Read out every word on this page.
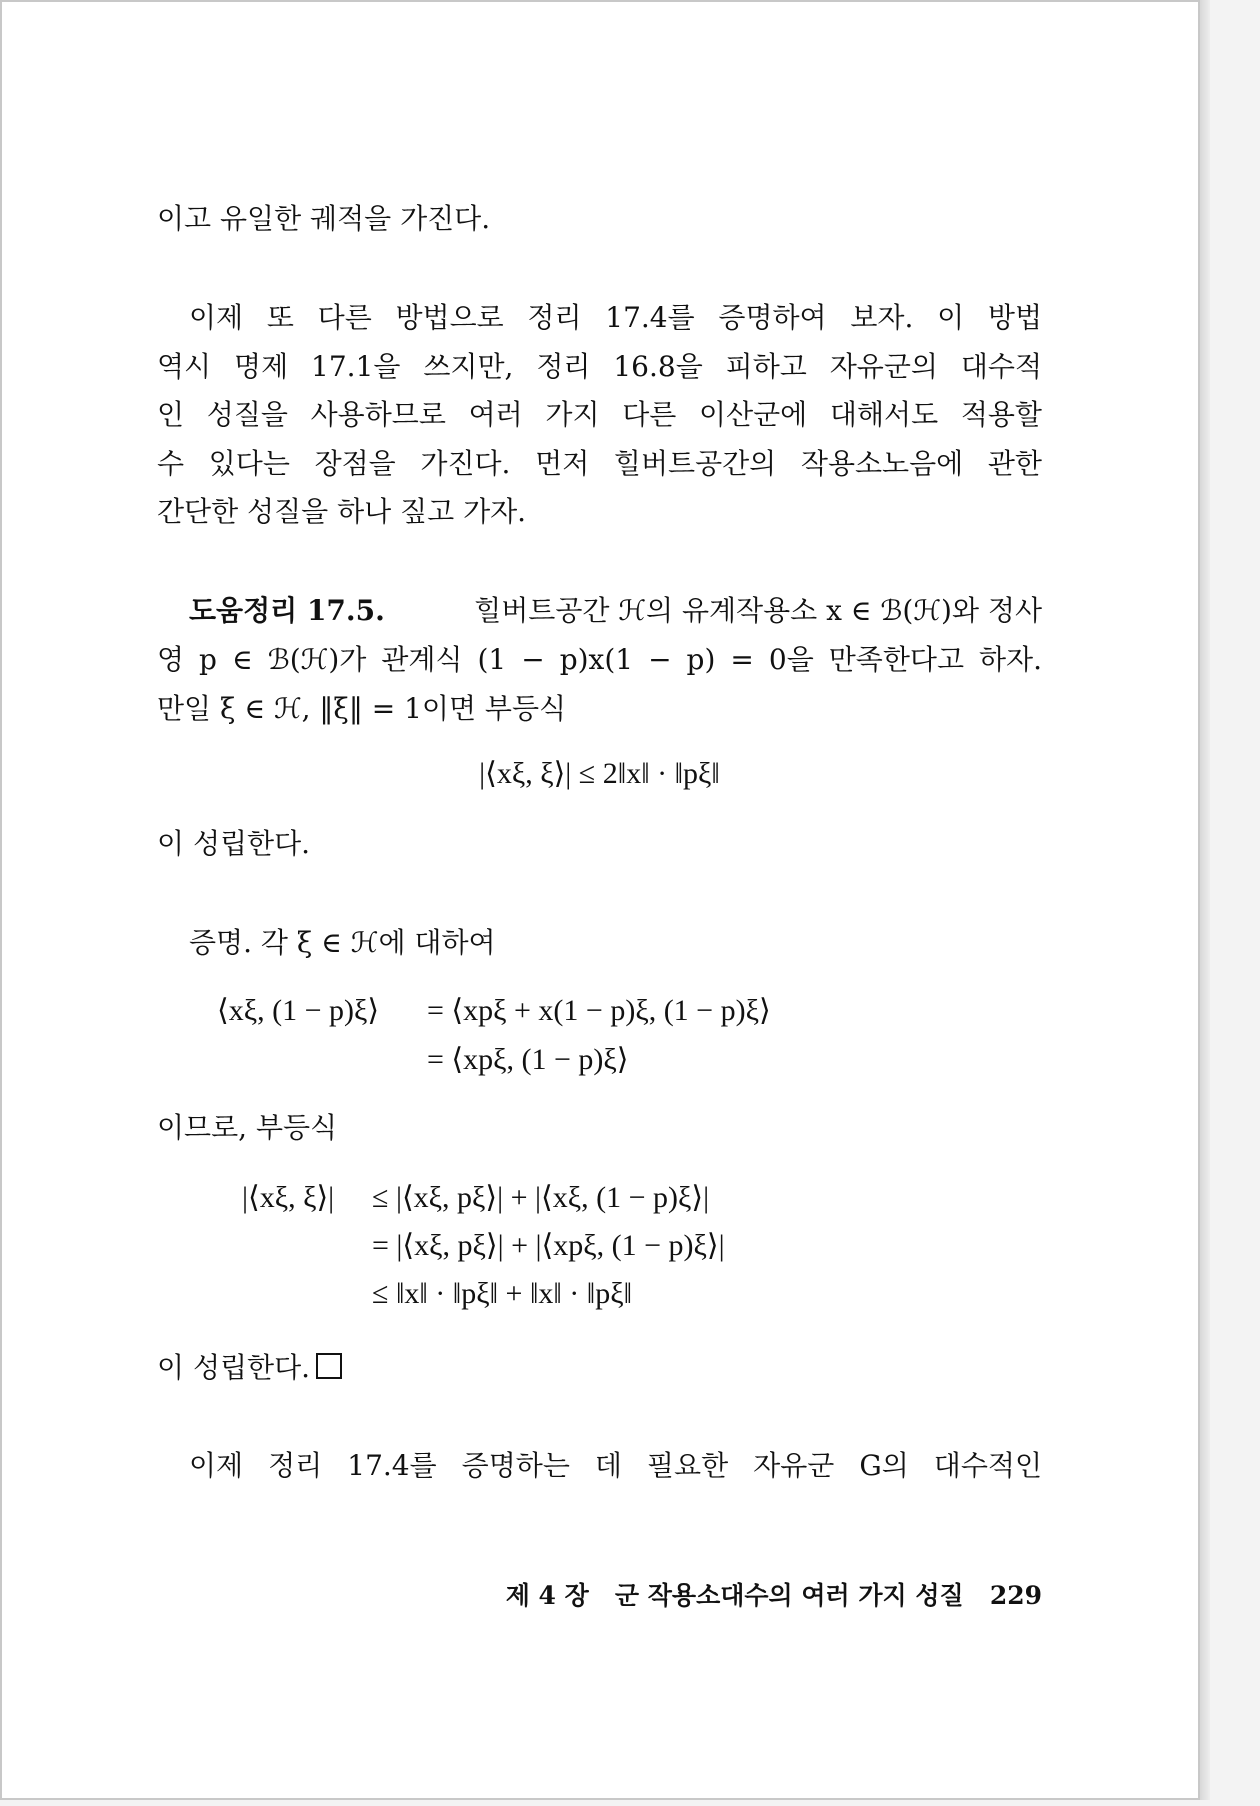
이고 유일한 궤적을 가진다.
이제 또 다른 방법으로 정리 17.4를 증명하여 보자. 이 방법
역시 명제 17.1을 쓰지만, 정리 16.8을 피하고 자유군의 대수적
인 성질을 사용하므로 여러 가지 다른 이산군에 대해서도 적용할
수 있다는 장점을 가진다. 먼저 힐버트공간의 작용소노음에 관한
간단한 성질을 하나 짚고 가자.
도움정리 17.5.	힐버트공간 ℋ의 유계작용소 x ∈ ℬ(ℋ)와 정사
영 p ∈ ℬ(ℋ)가 관계식 (1 − p)x(1 − p) = 0을 만족한다고 하자.
만일 ξ ∈ ℋ, ‖ξ‖ = 1이면 부등식
|⟨xξ, ξ⟩| ≤ 2‖x‖ · ‖pξ‖
이 성립한다.
증명. 각 ξ ∈ ℋ에 대하여
⟨xξ, (1 − p)ξ⟩ = ⟨xpξ + x(1 − p)ξ, (1 − p)ξ⟩
= ⟨xpξ, (1 − p)ξ⟩
이므로, 부등식
|⟨xξ, ξ⟩| ≤ |⟨xξ, pξ⟩| + |⟨xξ, (1 − p)ξ⟩|
= |⟨xξ, pξ⟩| + |⟨xpξ, (1 − p)ξ⟩|
≤ ‖x‖ · ‖pξ‖ + ‖x‖ · ‖pξ‖
이 성립한다.
이제 정리 17.4를 증명하는 데 필요한 자유군 G의 대수적인
제 4 장 군 작용소대수의 여러 가지 성질 229
